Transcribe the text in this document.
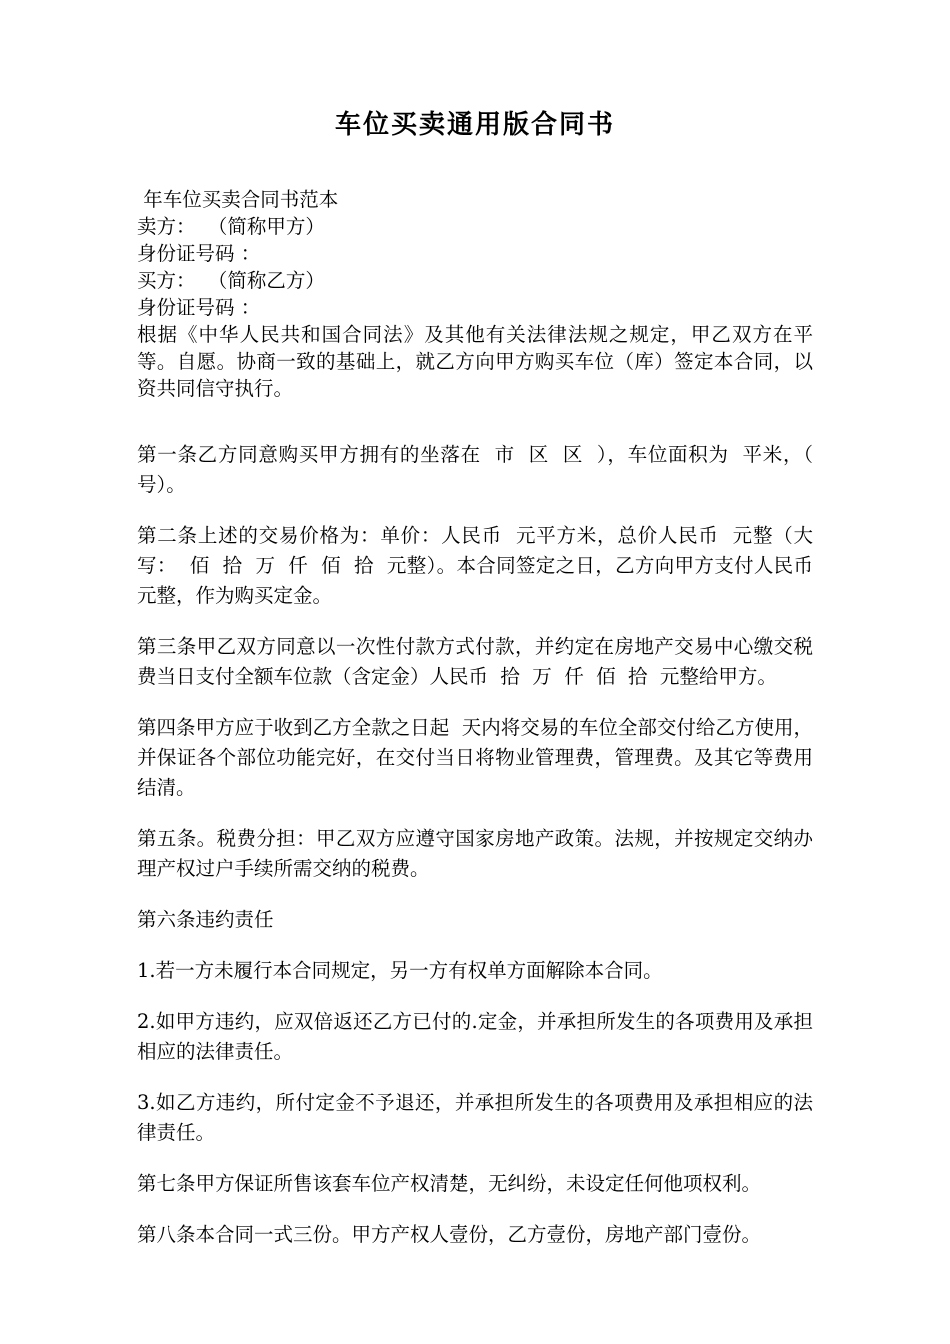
车位买卖通用版合同书

年车位买卖合同书范本

卖方：  （简称甲方）

身份证号码 ：

买方：  （简称乙方）

身份证号码 ：

根据《中华人民共和国合同法》及其他有关法律法规之规定，甲乙双方在平等。自愿。协商一致的基础上，就乙方向甲方购买车位（库）签定本合同，以资共同信守执行。

第一条乙方同意购买甲方拥有的坐落在  市  区  区  ），车位面积为  平米，（  号）。

第二条上述的交易价格为：单价：人民币  元平方米，总价人民币  元整（大写：  佰  拾  万  仟  佰  拾  元整）。本合同签定之日，乙方向甲方支付人民币  元整，作为购买定金。

第三条甲乙双方同意以一次性付款方式付款，并约定在房地产交易中心缴交税费当日支付全额车位款（含定金）人民币  拾  万  仟  佰  拾  元整给甲方。

第四条甲方应于收到乙方全款之日起  天内将交易的车位全部交付给乙方使用，并保证各个部位功能完好，在交付当日将物业管理费，管理费。及其它等费用结清。

第五条。税费分担：甲乙双方应遵守国家房地产政策。法规，并按规定交纳办理产权过户手续所需交纳的税费。

第六条违约责任

1.若一方未履行本合同规定，另一方有权单方面解除本合同。

2.如甲方违约，应双倍返还乙方已付的.定金，并承担所发生的各项费用及承担相应的法律责任。

3.如乙方违约，所付定金不予退还，并承担所发生的各项费用及承担相应的法律责任。

第七条甲方保证所售该套车位产权清楚，无纠纷，未设定任何他项权利。

第八条本合同一式三份。甲方产权人壹份，乙方壹份，房地产部门壹份。
